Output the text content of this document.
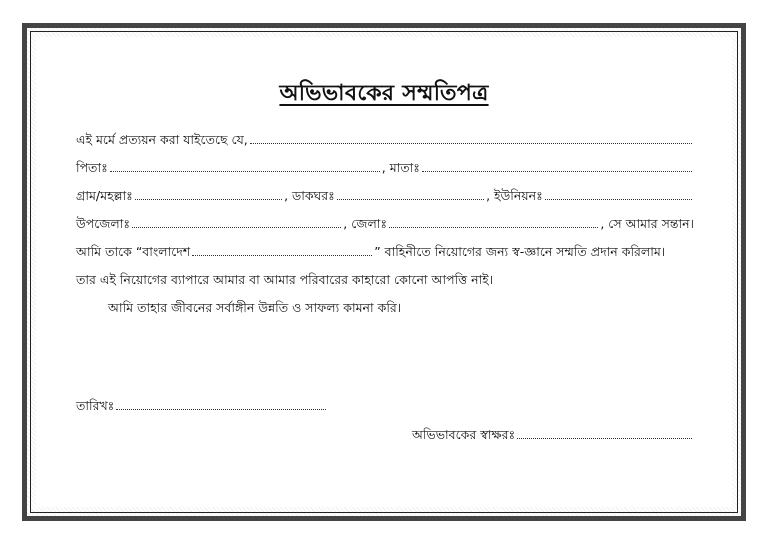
অভিভাবকের সম্মতিপত্র
এই মর্মে প্রত্যয়ন করা যাইতেছে যে,
পিতাঃ	, মাতাঃ
গ্রাম/মহল্লাঃ	, ডাকঘরঃ	, ইউনিয়নঃ
উপজেলাঃ	, জেলাঃ	, সে আমার সন্তান।
আমি তাকে “বাংলাদেশ	” বাহিনীতে নিয়োগের জন্য স্ব-জ্ঞানে সম্মতি প্রদান করিলাম।
তার এই নিয়োগের ব্যাপারে আমার বা আমার পরিবারের কাহারো কোনো আপত্তি নাই।
আমি তাহার জীবনের সর্বাঙ্গীন উন্নতি ও সাফল্য কামনা করি।
তারিখঃ
অভিভাবকের স্বাক্ষরঃ
